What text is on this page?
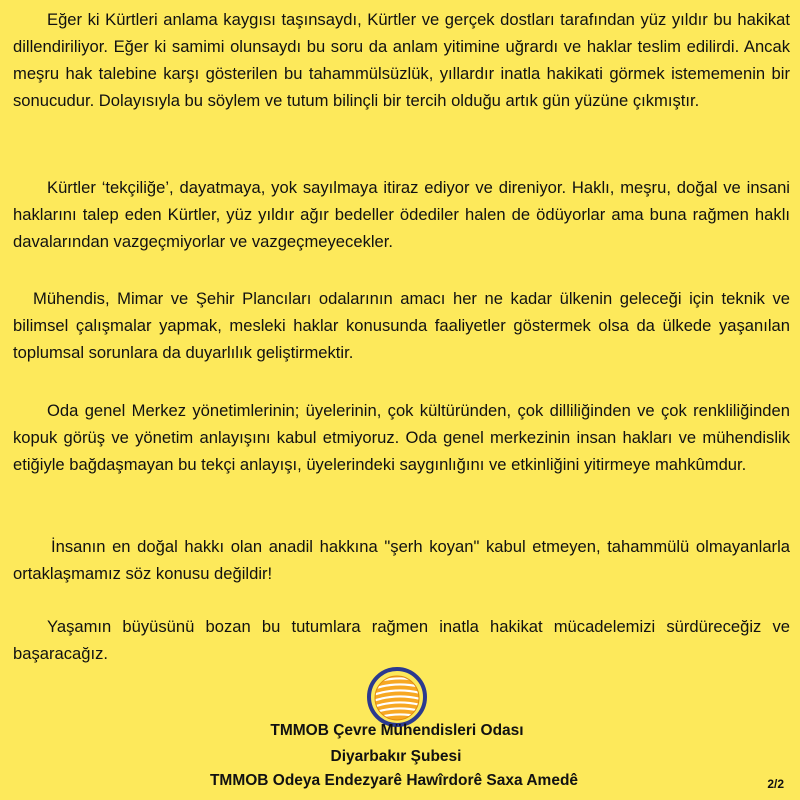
Eğer ki Kürtleri anlama kaygısı taşınsaydı, Kürtler ve gerçek dostları tarafından yüz yıldır bu hakikat dillendiriliyor. Eğer ki samimi olunsaydı bu soru da anlam yitimine uğrardı ve haklar teslim edilirdi. Ancak meşru hak talebine karşı gösterilen bu tahammülsüzlük, yıllardır inatla hakikati görmek istememenin bir sonucudur. Dolayısıyla bu söylem ve tutum bilinçli bir tercih olduğu artık gün yüzüne çıkmıştır.

Kürtler ‘tekçiliğe’, dayatmaya, yok sayılmaya itiraz ediyor ve direniyor. Haklı, meşru, doğal ve insani haklarını talep eden Kürtler, yüz yıldır ağır bedeller ödediler halen de ödüyorlar ama buna rağmen haklı davalarından vazgeçmiyorlar ve vazgeçmeyecekler.

Mühendis, Mimar ve Şehir Plancıları odalarının amacı her ne kadar ülkenin geleceği için teknik ve bilimsel çalışmalar yapmak, mesleki haklar konusunda faaliyetler göstermek olsa da ülkede yaşanılan toplumsal sorunlara da duyarlılık geliştirmektir.

Oda genel Merkez yönetimlerinin; üyelerinin, çok kültüründen, çok dilliliğinden ve çok renkliliğinden kopuk görüş ve yönetim anlayışını kabul etmiyoruz. Oda genel merkezinin insan hakları ve mühendislik etiğiyle bağdaşmayan bu tekçi anlayışı, üyelerindeki saygınlığını ve etkinliğini yitirmeye mahkûmdur.

İnsanın en doğal hakkı olan anadil hakkına "şerh koyan" kabul etmeyen, tahammülü olmayanlarla ortaklaşmamız söz konusu değildir!

Yaşamın büyüsünü bozan bu tutumlara rağmen inatla hakikat mücadelemizi sürdüreceğiz ve başaracağız.

TMMOB Çevre Mühendisleri Odası
Diyarbakır Şubesi
TMMOB Odeya Endezyarê Hawîrdorê Saxa Amedê	2/2
